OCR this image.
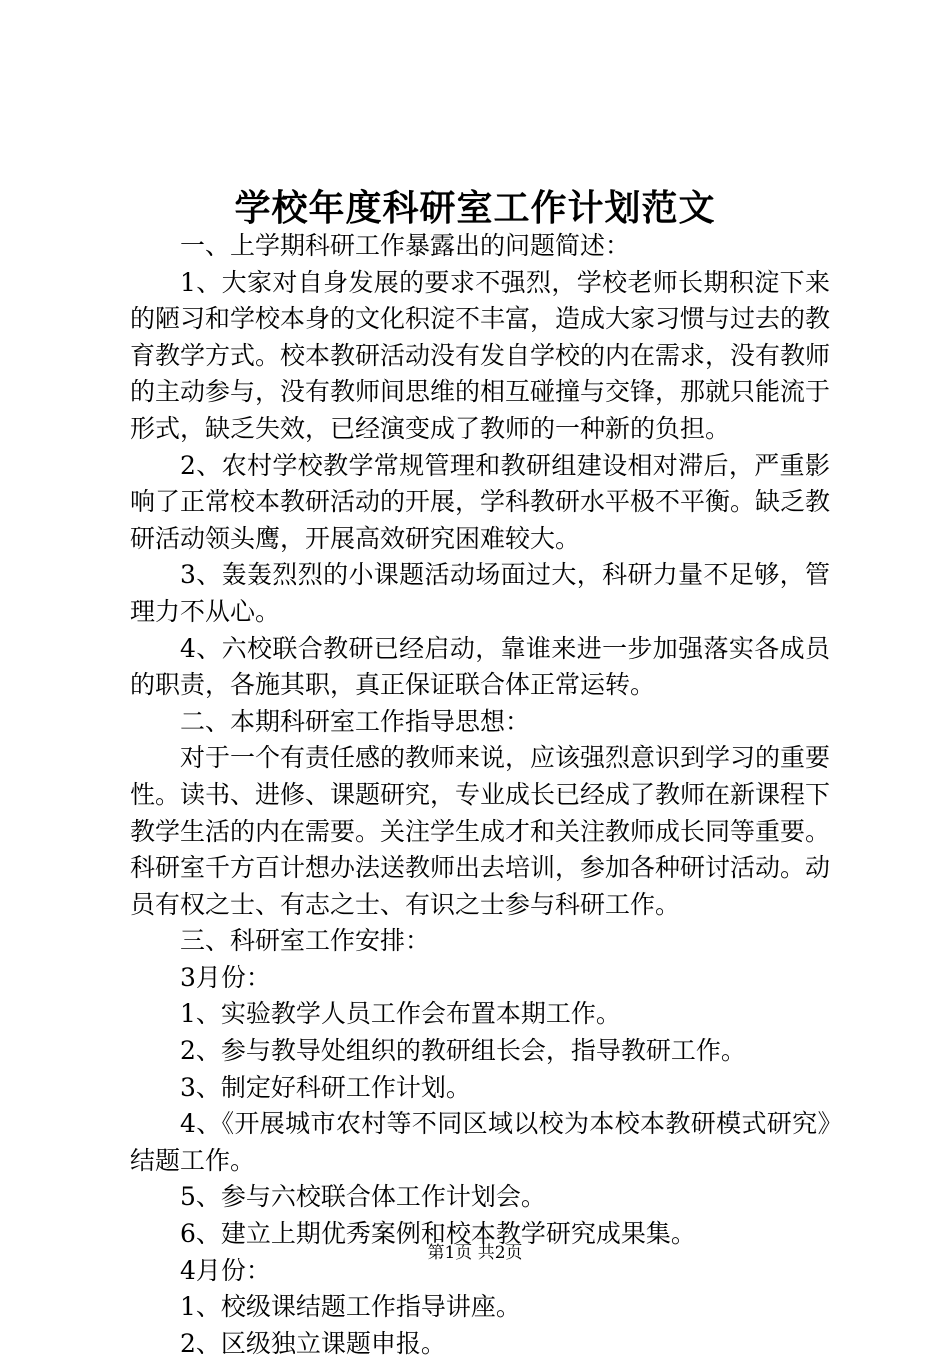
学校年度科研室工作计划范文

一、上学期科研工作暴露出的问题简述：

1、大家对自身发展的要求不强烈，学校老师长期积淀下来的陋习和学校本身的文化积淀不丰富，造成大家习惯与过去的教育教学方式。校本教研活动没有发自学校的内在需求，没有教师的主动参与，没有教师间思维的相互碰撞与交锋，那就只能流于形式，缺乏失效，已经演变成了教师的一种新的负担。

2、农村学校教学常规管理和教研组建设相对滞后，严重影响了正常校本教研活动的开展，学科教研水平极不平衡。缺乏教研活动领头鹰，开展高效研究困难较大。

3、轰轰烈烈的小课题活动场面过大，科研力量不足够，管理力不从心。

4、六校联合教研已经启动，靠谁来进一步加强落实各成员的职责，各施其职，真正保证联合体正常运转。

二、本期科研室工作指导思想：

对于一个有责任感的教师来说，应该强烈意识到学习的重要性。读书、进修、课题研究，专业成长已经成了教师在新课程下教学生活的内在需要。关注学生成才和关注教师成长同等重要。科研室千方百计想办法送教师出去培训，参加各种研讨活动。动员有权之士、有志之士、有识之士参与科研工作。

三、科研室工作安排：

3月份：

1、实验教学人员工作会布置本期工作。

2、参与教导处组织的教研组长会，指导教研工作。

3、制定好科研工作计划。

4、《开展城市农村等不同区域以校为本校本教研模式研究》结题工作。

5、参与六校联合体工作计划会。

6、建立上期优秀案例和校本教学研究成果集。

4月份：

1、校级课结题工作指导讲座。

2、区级独立课题申报。

第1页 共2页
